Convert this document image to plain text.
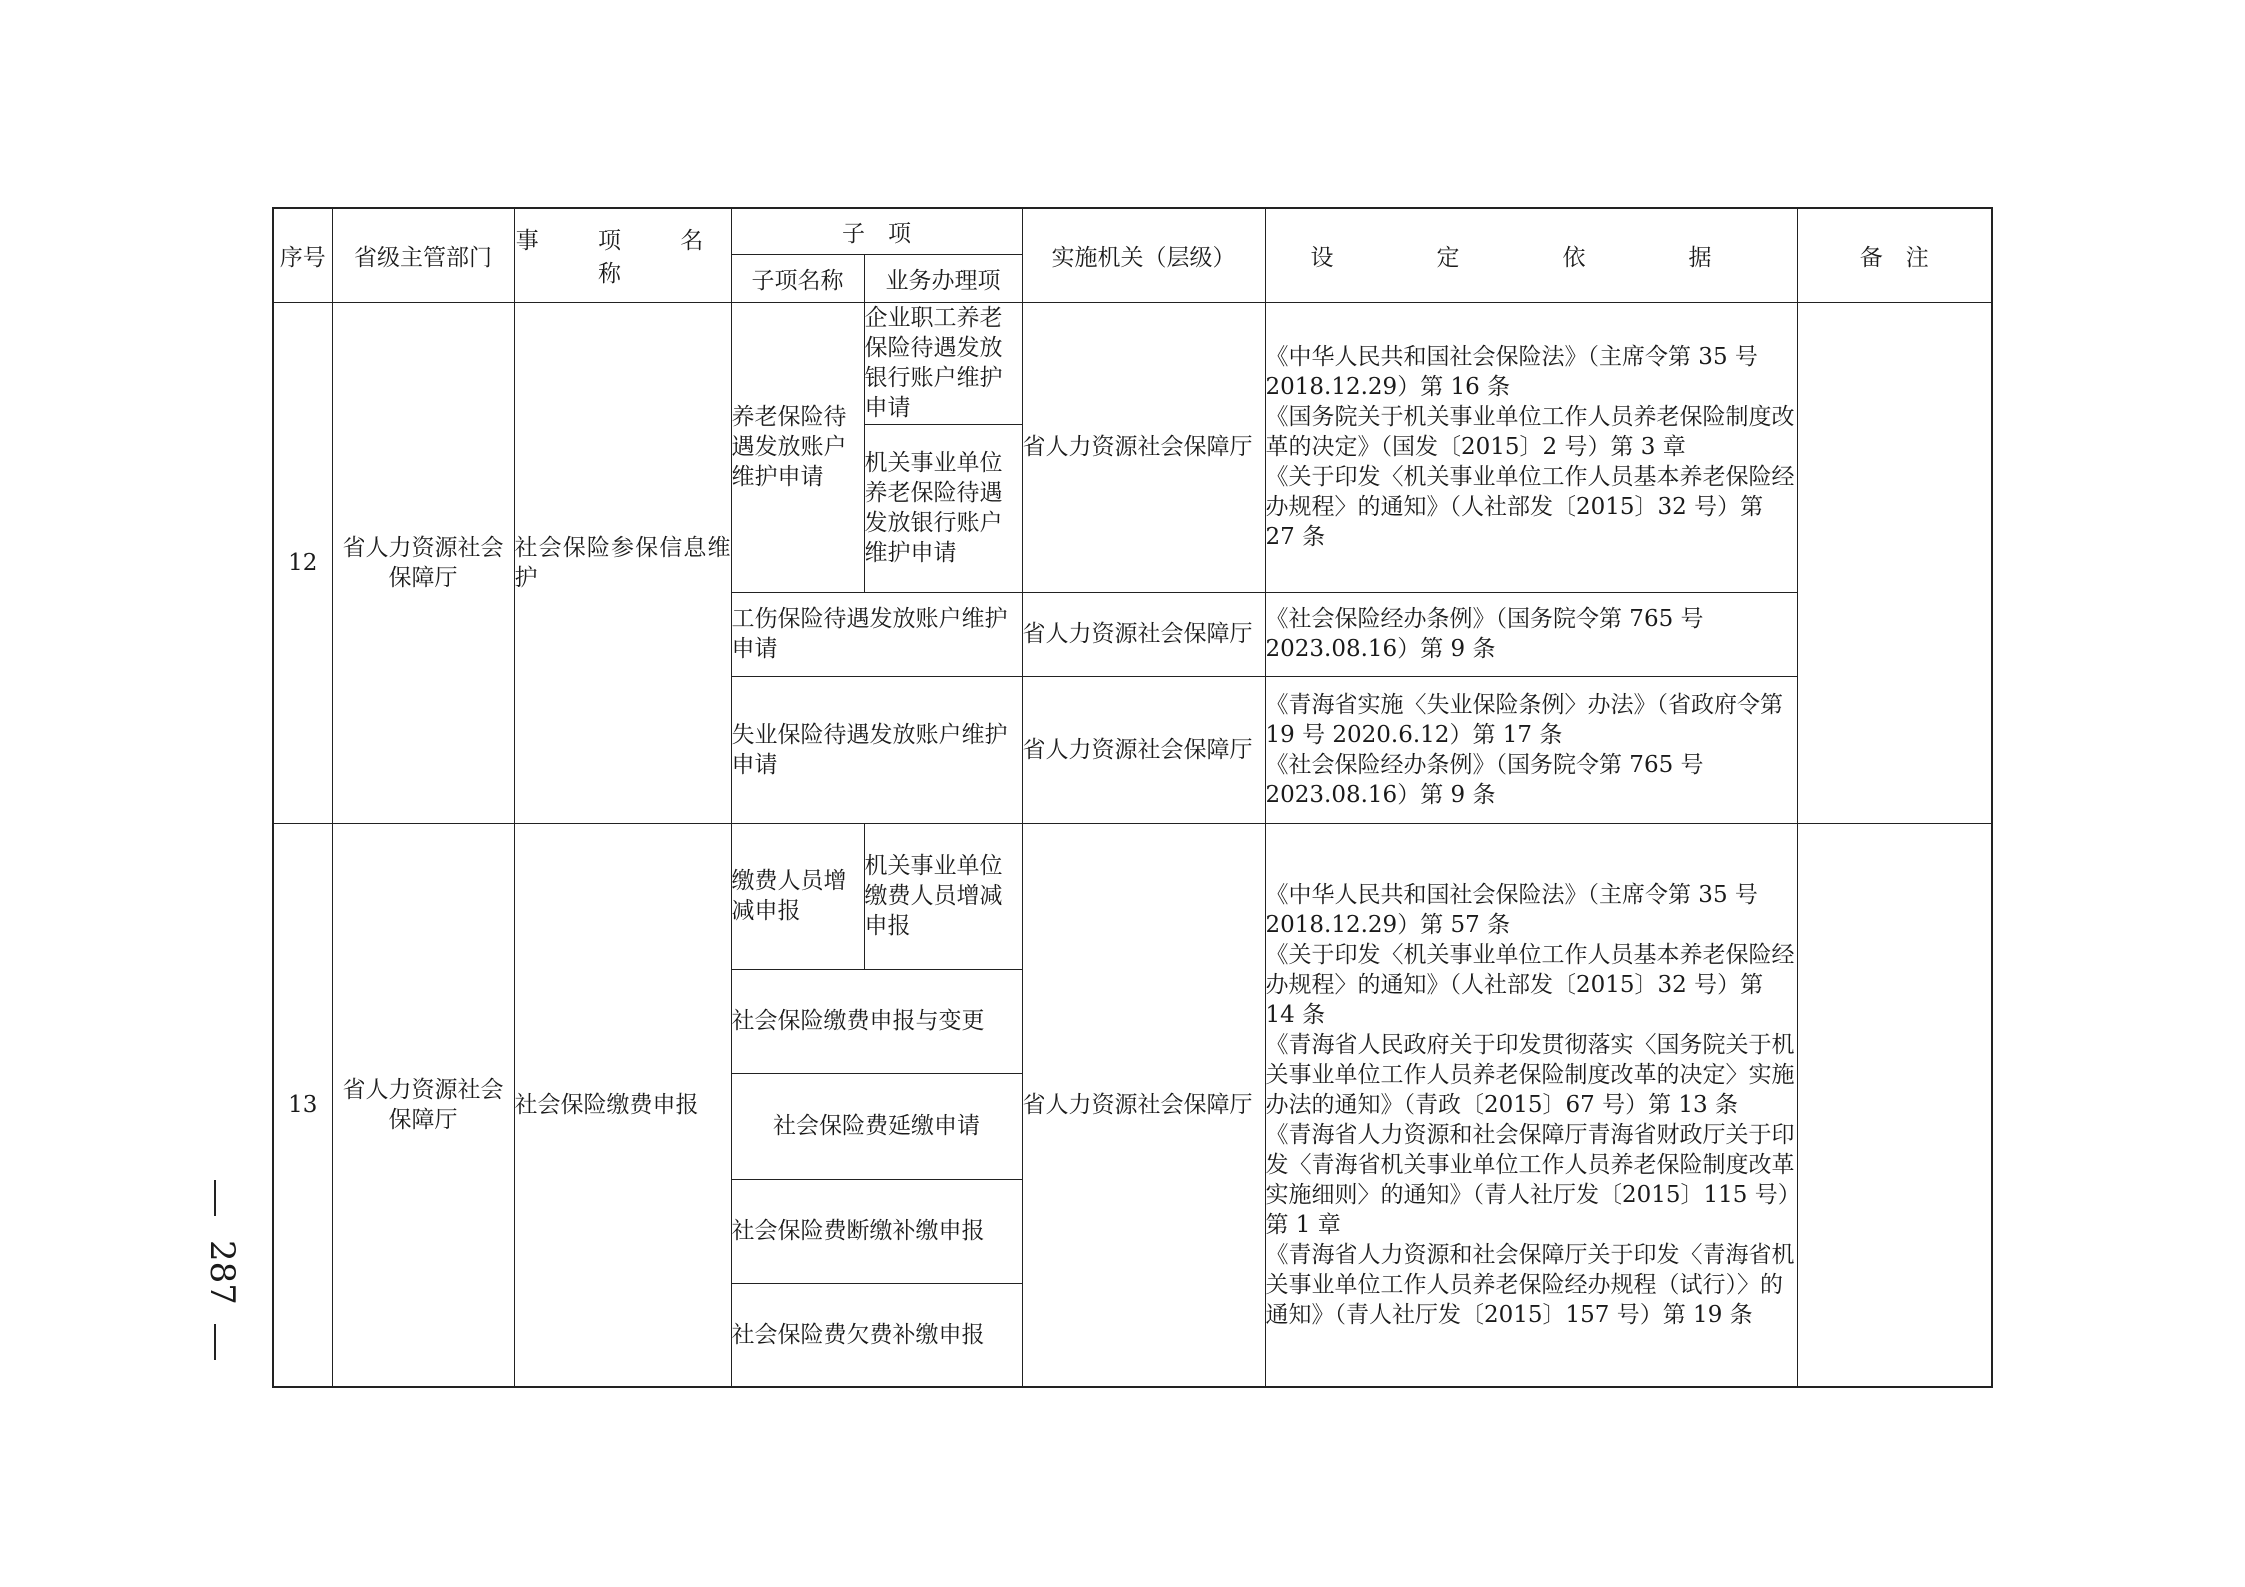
序号	省级主管部门	事 项 名 称	子　项		实施机关（层级）	设　定　依　据	备　注
			子项名称	业务办理项			
12	省人力资源社会保障厅	社会保险参保信息维护	养老保险待遇发放账户维护申请	企业职工养老保险待遇发放银行账户维护申请	省人力资源社会保障厅	《中华人民共和国社会保险法》（主席令第 35 号 2018.12.29）第 16 条
《国务院关于机关事业单位工作人员养老保险制度改革的决定》（国发〔2015〕2 号）第 3 章
《关于印发〈机关事业单位工作人员基本养老保险经办规程〉的通知》（人社部发〔2015〕32 号）第 27 条	

				机关事业单位养老保险待遇发放银行账户维护申请			
			工伤保险待遇发放账户维护申请		省人力资源社会保障厅	《社会保险经办条例》（国务院令第 765 号 2023.08.16）第 9 条	

			失业保险待遇发放账户维护申请		省人力资源社会保障厅	《青海省实施〈失业保险条例〉办法》（省政府令第 19 号 2020.6.12）第 17 条
《社会保险经办条例》（国务院令第 765 号 2023.08.16）第 9 条	

13	省人力资源社会保障厅	社会保险缴费申报	缴费人员增减申报	机关事业单位缴费人员增减申报	省人力资源社会保障厅	《中华人民共和国社会保险法》（主席令第 35 号 2018.12.29）第 57 条
《关于印发〈机关事业单位工作人员基本养老保险经办规程〉的通知》（人社部发〔2015〕32 号）第 14 条
《青海省人民政府关于印发贯彻落实〈国务院关于机关事业单位工作人员养老保险制度改革的决定〉实施办法的通知》（青政〔2015〕67 号）第 13 条
《青海省人力资源和社会保障厅青海省财政厅关于印发〈青海省机关事业单位工作人员养老保险制度改革实施细则〉的通知》（青人社厅发〔2015〕115 号）第 1 章
《青海省人力资源和社会保障厅关于印发〈青海省机关事业单位工作人员养老保险经办规程（试行）〉的通知》（青人社厅发〔2015〕157 号）第 19 条	

			社会保险缴费申报与变更				
			社会保险费延缴申请				
			社会保险费断缴补缴申报				
			社会保险费欠费补缴申报				
287
